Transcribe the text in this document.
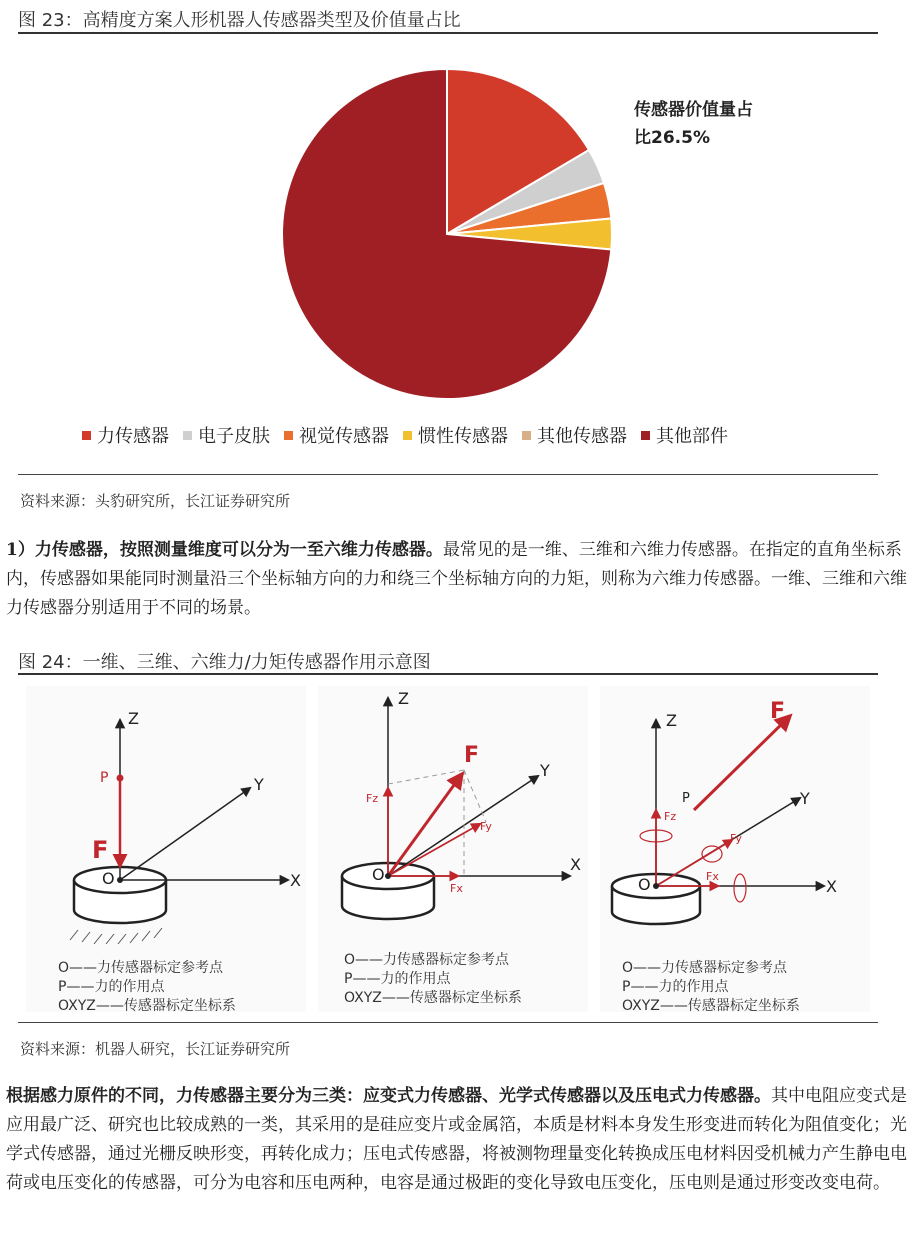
图 23：高精度方案人形机器人传感器类型及价值量占比
传感器价值量占
比26.5%
力传感器 电子皮肤 视觉传感器 惯性传感器 其他传感器 其他部件
资料来源：头豹研究所，长江证券研究所

1）力传感器，按照测量维度可以分为一至六维力传感器。最常见的是一维、三维和六维力传感器。在指定的直角坐标系内，传感器如果能同时测量沿三个坐标轴方向的力和绕三个坐标轴方向的力矩，则称为六维力传感器。一维、三维和六维力传感器分别适用于不同的场景。

图 24：一维、三维、六维力/力矩传感器作用示意图
Z
X
Y
P
F
O
O——力传感器标定参考点
P——力的作用点
OXYZ——传感器标定坐标系
Z
X
Y
F
Fz
Fx
Fy
O
O——力传感器标定参考点
P——力的作用点
OXYZ——传感器标定坐标系
Z
X
Y
F
P
Fz
Fx
Fy
O
O——力传感器标定参考点
P——力的作用点
OXYZ——传感器标定坐标系
资料来源：机器人研究，长江证券研究所

根据感力原件的不同，力传感器主要分为三类：应变式力传感器、光学式传感器以及压电式力传感器。其中电阻应变式是应用最广泛、研究也比较成熟的一类，其采用的是硅应变片或金属箔，本质是材料本身发生形变进而转化为阻值变化；光学式传感器，通过光栅反映形变，再转化成力；压电式传感器，将被测物理量变化转换成压电材料因受机械力产生静电电荷或电压变化的传感器，可分为电容和压电两种，电容是通过极距的变化导致电压变化，压电则是通过形变改变电荷。
